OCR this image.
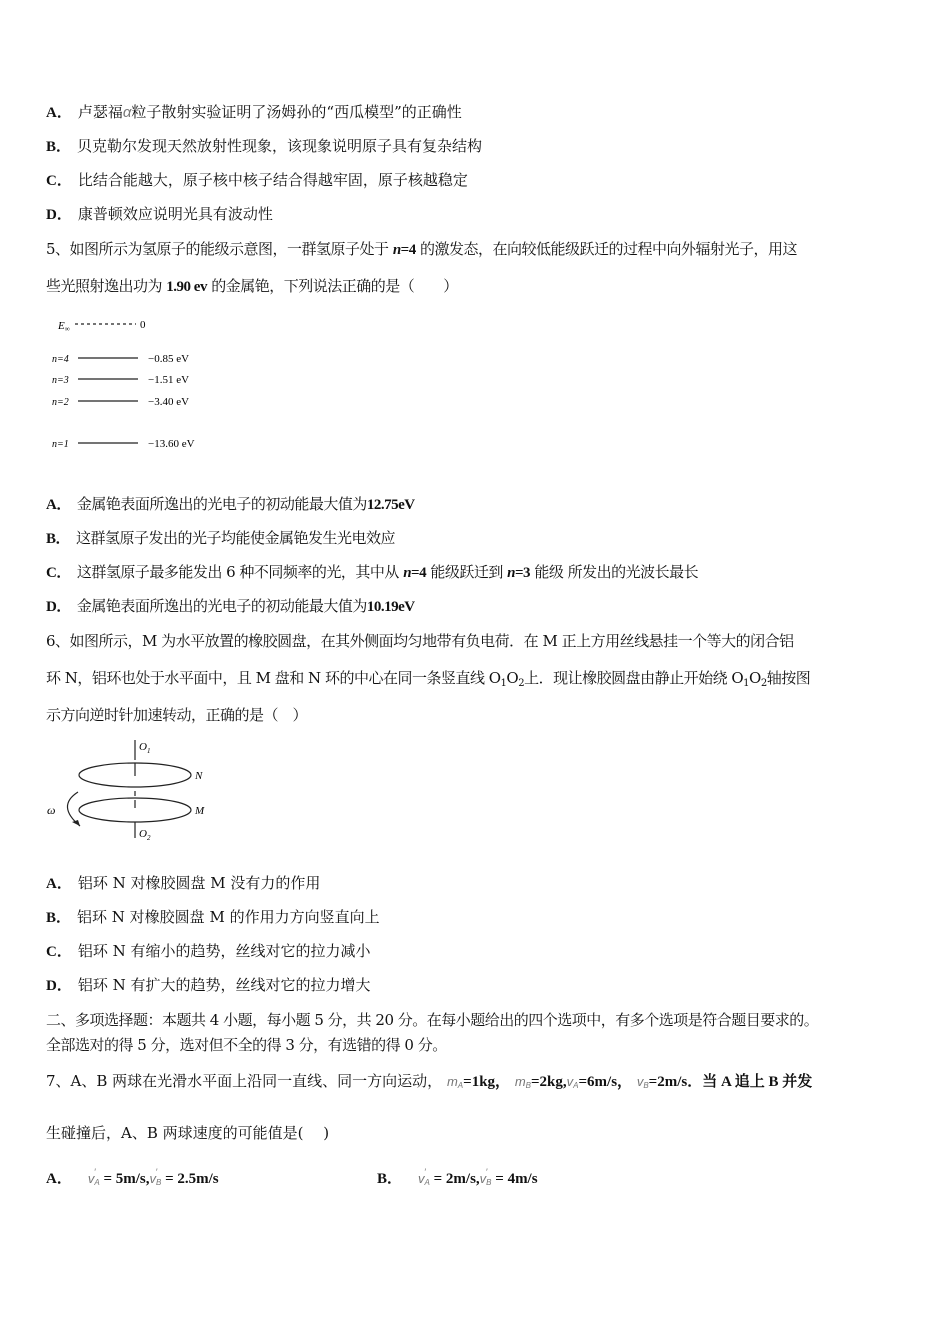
A． 卢瑟福α粒子散射实验证明了汤姆孙的“西瓜模型”的正确性
B． 贝克勒尔发现天然放射性现象，该现象说明原子具有复杂结构
C． 比结合能越大，原子核中核子结合得越牢固，原子核越稳定
D． 康普顿效应说明光具有波动性
5、如图所示为氢原子的能级示意图，一群氢原子处于 n=4 的激发态，在向较低能级跃迁的过程中向外辐射光子，用这
些光照射逸出功为 1.90 ev 的金属铯，下列说法正确的是（　　）
E∞	0
n=4	−0.85 eV
n=3	−1.51 eV
n=2	−3.40 eV
n=1	−13.60 eV
A． 金属铯表面所逸出的光电子的初动能最大值为12.75eV
B． 这群氢原子发出的光子均能使金属铯发生光电效应
C． 这群氢原子最多能发出 6 种不同频率的光，其中从 n=4 能级跃迁到 n=3 能级 所发出的光波长最长
D． 金属铯表面所逸出的光电子的初动能最大值为10.19eV
6、如图所示，M 为水平放置的橡胶圆盘，在其外侧面均匀地带有负电荷．在 M 正上方用丝线悬挂一个等大的闭合铝
环 N，铝环也处于水平面中，且 M 盘和 N 环的中心在同一条竖直线 $O_1O_2$上．现让橡胶圆盘由静止开始绕 $O_1O_2$轴按图
示方向逆时针加速转动，正确的是（　）
$O_1$
N
M
$O_2$
ω
A． 铝环 N 对橡胶圆盘 M 没有力的作用
B． 铝环 N 对橡胶圆盘 M 的作用力方向竖直向上
C． 铝环 N 有缩小的趋势，丝线对它的拉力减小
D． 铝环 N 有扩大的趋势，丝线对它的拉力增大
二、多项选择题：本题共 4 小题，每小题 5 分，共 20 分。在每小题给出的四个选项中，有多个选项是符合题目要求的。
全部选对的得 5 分，选对但不全的得 3 分，有选错的得 0 分。
7、A、B 两球在光滑水平面上沿同一直线、同一方向运动， mA=1kg， mB=2kg,vA=6m/s， vB=2m/s．当 A 追上 B 并发
生碰撞后，A、B 两球速度的可能值是(　 )
A． vA
′ = 5m/s,vB
′ = 2.5m/s	B． vA
′ = 2m/s,vB
′ = 4m/s
